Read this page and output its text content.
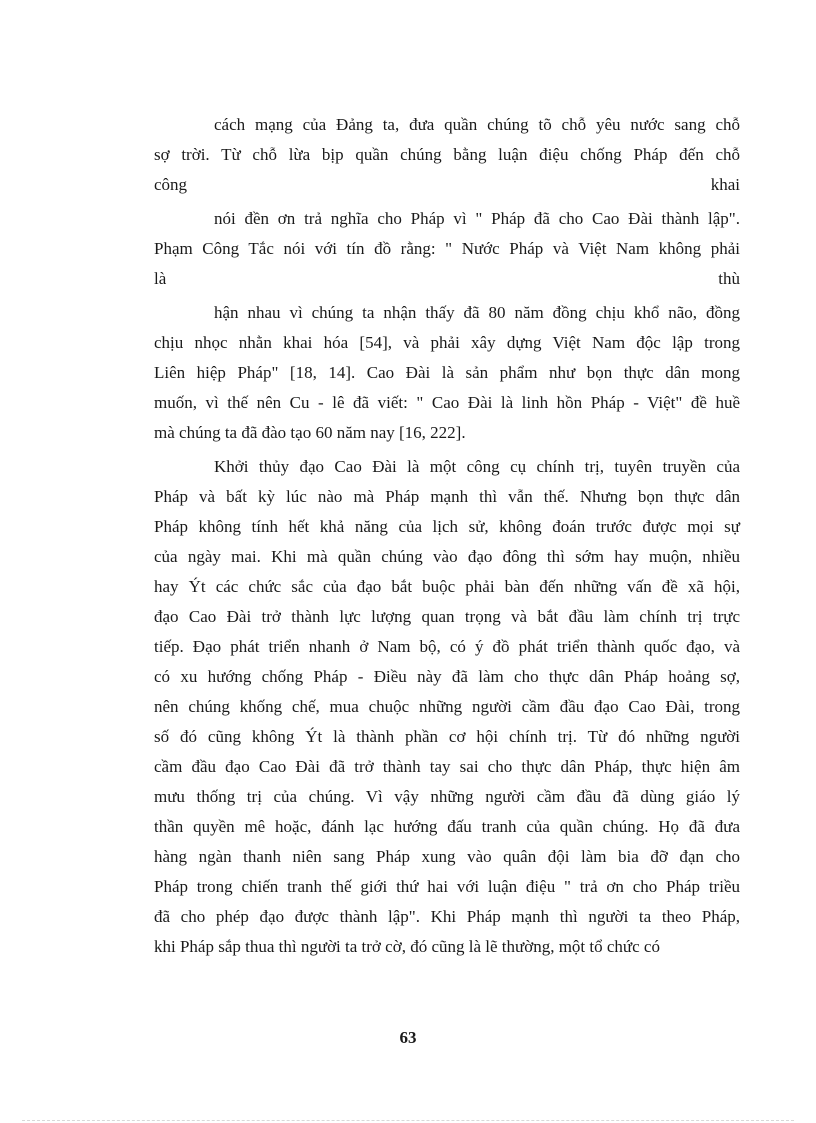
cách mạng của Đảng ta, đưa quần chúng tõ chỗ yêu nước sang chỗ
sợ trời. Từ chỗ lừa bịp quần chúng bằng luận điệu chống Pháp đến chỗ
công	khai
nói đền ơn trả nghĩa cho Pháp vì " Pháp đã cho Cao Đài thành lập".
Phạm Công Tắc nói với tín đồ rằng: " Nước Pháp và Việt Nam không phải
là	thù
hận nhau vì chúng ta nhận thấy đã 80 năm đồng chịu khổ não, đồng
chịu nhọc nhằn khai hóa [54], và phải xây dựng Việt Nam độc lập trong
Liên hiệp Pháp" [18, 14]. Cao Đài là sản phẩm như bọn thực dân mong
muốn, vì thế nên Cu - lê đã viết: " Cao Đài là linh hồn Pháp - Việt" đề huề
mà chúng ta đã đào tạo 60 năm nay [16, 222].
Khởi thủy đạo Cao Đài là một công cụ chính trị, tuyên truyền của
Pháp và bất kỳ lúc nào mà Pháp mạnh thì vẫn thế. Nhưng bọn thực dân
Pháp không tính hết khả năng của lịch sử, không đoán trước được mọi sự
của ngày mai. Khi mà quần chúng vào đạo đông thì sớm hay muộn, nhiều
hay Ýt các chức sắc của đạo bắt buộc phải bàn đến những vấn đề xã hội,
đạo Cao Đài trở thành lực lượng quan trọng và bắt đầu làm chính trị trực
tiếp. Đạo phát triển nhanh ở Nam bộ, có ý đồ phát triển thành quốc đạo, và
có xu hướng chống Pháp - Điều này đã làm cho thực dân Pháp hoảng sợ,
nên chúng khống chế, mua chuộc những người cầm đầu đạo Cao Đài, trong
số đó cũng không Ýt là thành phần cơ hội chính trị. Từ đó những người
cầm đầu đạo Cao Đài đã trở thành tay sai cho thực dân Pháp, thực hiện âm
mưu thống trị của chúng. Vì vậy những người cầm đầu đã dùng giáo lý
thần quyền mê hoặc, đánh lạc hướng đấu tranh của quần chúng. Họ đã đưa
hàng ngàn thanh niên sang Pháp xung vào quân đội làm bia đỡ đạn cho
Pháp trong chiến tranh thế giới thứ hai với luận điệu " trả ơn cho Pháp triều
đã cho phép đạo được thành lập". Khi Pháp mạnh thì người ta theo Pháp,
khi Pháp sắp thua thì người ta trở cờ, đó cũng là lẽ thường, một tổ chức có
63
